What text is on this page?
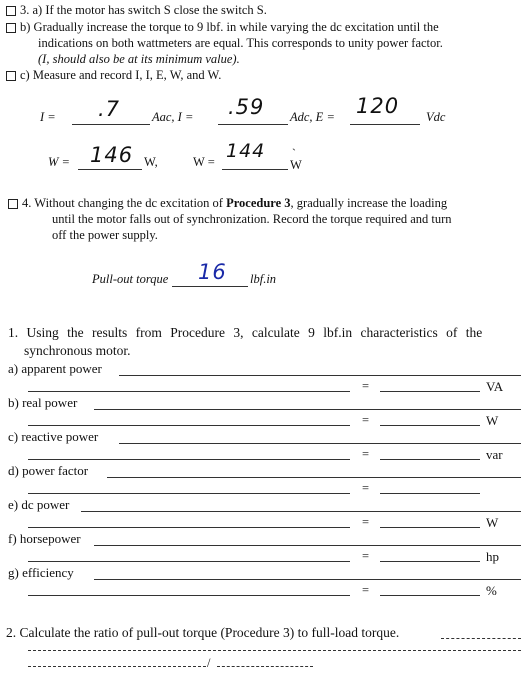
3. a) If the motor has switch S close the switch S.
b) Gradually increase the torque to 9 lbf. in while varying the dc excitation until the
indications on both wattmeters are equal. This corresponds to unity power factor.
(I, should also be at its minimum value).
c) Measure and record I, I, E, W, and W.
I = .7	Aac, I = .59 Adc, E = 120 Vdc
W = 146 W,	W = 144 `
W
4. Without changing the dc excitation of Procedure 3, gradually increase the loading
until the motor falls out of synchronization. Record the torque required and turn
off the power supply.
Pull-out torque 16 lbf.in
1. Using the results from Procedure 3, calculate 9 lbf.in characteristics of the
synchronous motor.
a) apparent power
=	VA
b) real power
=	W
c) reactive power
=	var
d) power factor
=
e) dc power
=	W
f) horsepower
=	hp
g) efficiency
=	%
2. Calculate the ratio of pull-out torque (Procedure 3) to full-load torque.
/
